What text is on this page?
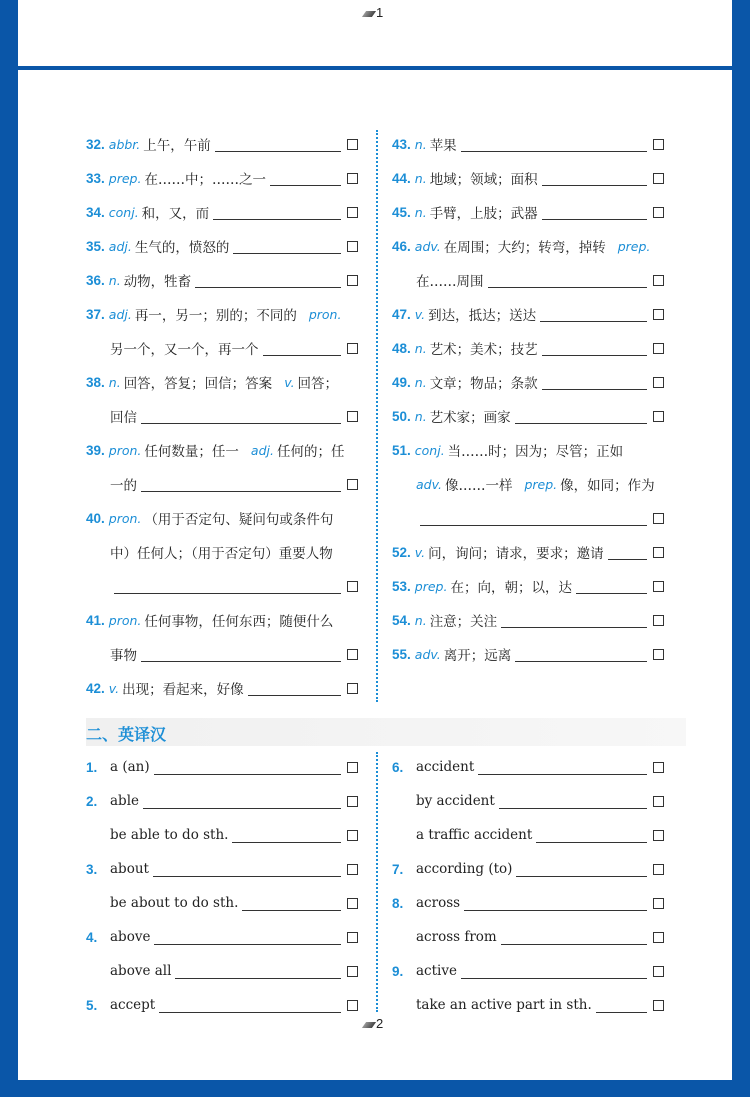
1
二、英译汉
32. abbr. 上午，午前
33. prep. 在……中；……之一
34. conj. 和，又，而
35. adj. 生气的，愤怒的
36. n. 动物，牲畜
37. adj. 再一，另一；别的；不同的 pron.
另一个，又一个，再一个
38. n. 回答，答复；回信；答案 v. 回答；
回信
39. pron. 任何数量；任一 adj. 任何的；任
一的
40. pron. （用于否定句、疑问句或条件句
中）任何人；（用于否定句）重要人物
41. pron. 任何事物，任何东西；随便什么
事物
42. v. 出现；看起来，好像
43. n. 苹果
44. n. 地域；领域；面积
45. n. 手臂，上肢；武器
46. adv. 在周围；大约；转弯，掉转 prep.
在……周围
47. v. 到达，抵达；送达
48. n. 艺术；美术；技艺
49. n. 文章；物品；条款
50. n. 艺术家；画家
51. conj. 当……时；因为；尽管；正如
adv. 像……一样 prep. 像，如同；作为
52. v. 问，询问；请求，要求；邀请
53. prep. 在；向，朝；以，达
54. n. 注意；关注
55. adv. 离开；远离
1. a (an)
2. able
be able to do sth.
3. about
be about to do sth.
4. above
above all
5. accept
6. accident
by accident
a traffic accident
7. according (to)
8. across
across from
9. active
take an active part in sth.
2
